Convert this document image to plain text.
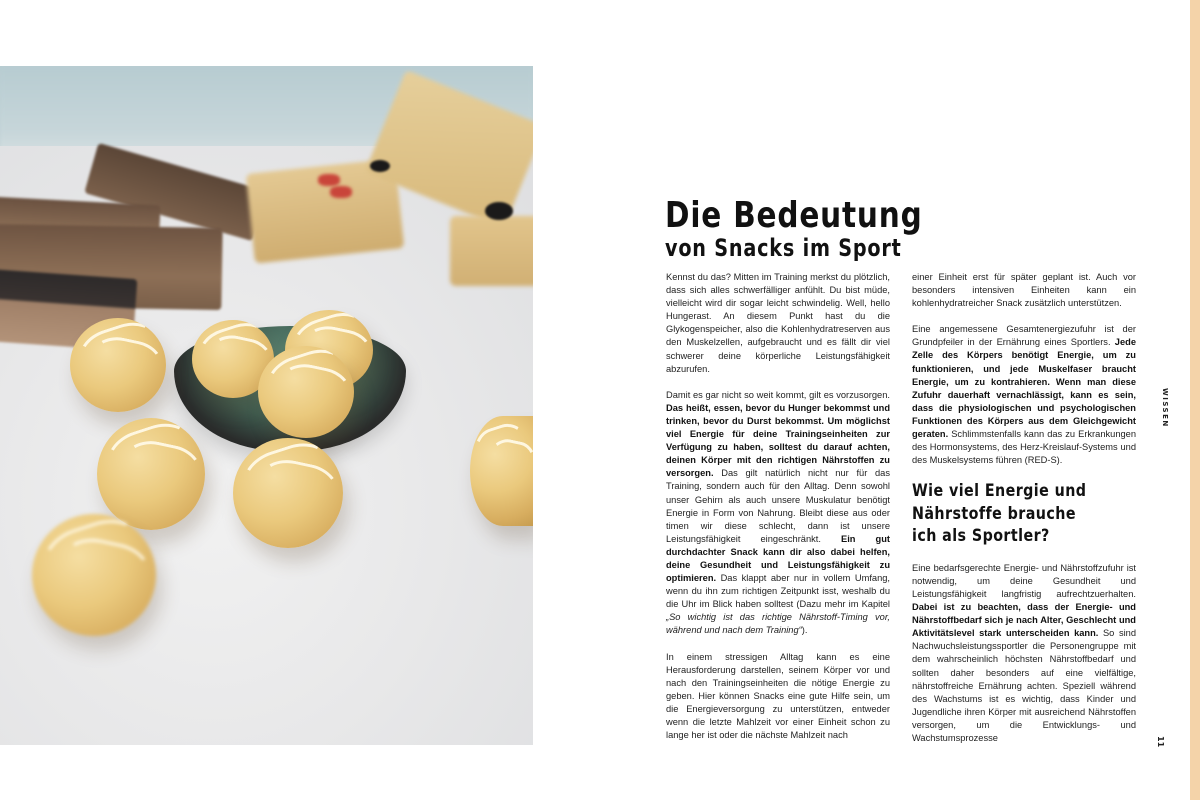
Die Bedeutung
von Snacks im Sport

Kennst du das? Mitten im Training merkst du plötzlich, dass sich alles schwerfälliger anfühlt. Du bist müde, vielleicht wird dir sogar leicht schwindelig. Well, hello Hungerast. An diesem Punkt hast du die Glykogenspeicher, also die Kohlenhydratreserven aus den Muskelzellen, aufgebraucht und es fällt dir viel schwerer deine körperliche Leistungsfähigkeit abzurufen.

Damit es gar nicht so weit kommt, gilt es vorzusorgen. Das heißt, essen, bevor du Hunger bekommst und trinken, bevor du Durst bekommst. Um möglichst viel Energie für deine Trainingseinheiten zur Verfügung zu haben, solltest du darauf achten, deinen Körper mit den richtigen Nährstoffen zu versorgen. Das gilt natürlich nicht nur für das Training, sondern auch für den Alltag. Denn sowohl unser Gehirn als auch unsere Muskulatur benötigt Energie in Form von Nahrung. Bleibt diese aus oder timen wir diese schlecht, dann ist unsere Leistungsfähigkeit eingeschränkt. Ein gut durchdachter Snack kann dir also dabei helfen, deine Gesundheit und Leistungsfähigkeit zu optimieren. Das klappt aber nur in vollem Umfang, wenn du ihn zum richtigen Zeitpunkt isst, weshalb du die Uhr im Blick haben solltest (Dazu mehr im Kapitel „So wichtig ist das richtige Nährstoff-Timing vor, während und nach dem Training“).

In einem stressigen Alltag kann es eine Herausforderung darstellen, seinem Körper vor und nach den Trainingseinheiten die nötige Energie zu geben. Hier können Snacks eine gute Hilfe sein, um die Energieversorgung zu unterstützen, entweder wenn die letzte Mahlzeit vor einer Einheit schon zu lange her ist oder die nächste Mahlzeit nach

einer Einheit erst für später geplant ist. Auch vor besonders intensiven Einheiten kann ein kohlenhydratreicher Snack zusätzlich unterstützen.

Eine angemessene Gesamtenergiezufuhr ist der Grundpfeiler in der Ernährung eines Sportlers. Jede Zelle des Körpers benötigt Energie, um zu funktionieren, und jede Muskelfaser braucht Energie, um zu kontrahieren. Wenn man diese Zufuhr dauerhaft vernachlässigt, kann es sein, dass die physiologischen und psychologischen Funktionen des Körpers aus dem Gleichgewicht geraten. Schlimmstenfalls kann das zu Erkrankungen des Hormonsystems, des Herz-Kreislauf-Systems und des Muskelsystems führen (RED-S).

Wie viel Energie und
Nährstoffe brauche
ich als Sportler?

Eine bedarfsgerechte Energie- und Nährstoffzufuhr ist notwendig, um deine Gesundheit und Leistungsfähigkeit langfristig aufrechtzuerhalten. Dabei ist zu beachten, dass der Energie- und Nährstoffbedarf sich je nach Alter, Geschlecht und Aktivitätslevel stark unterscheiden kann. So sind Nachwuchsleistungssportler die Personengruppe mit dem wahrscheinlich höchsten Nährstoffbedarf und sollten daher besonders auf eine vielfältige, nährstoffreiche Ernährung achten. Speziell während des Wachstums ist es wichtig, dass Kinder und Jugendliche ihren Körper mit ausreichend Nährstoffen versorgen, um die Entwicklungs- und Wachstumsprozesse

WISSEN
11
